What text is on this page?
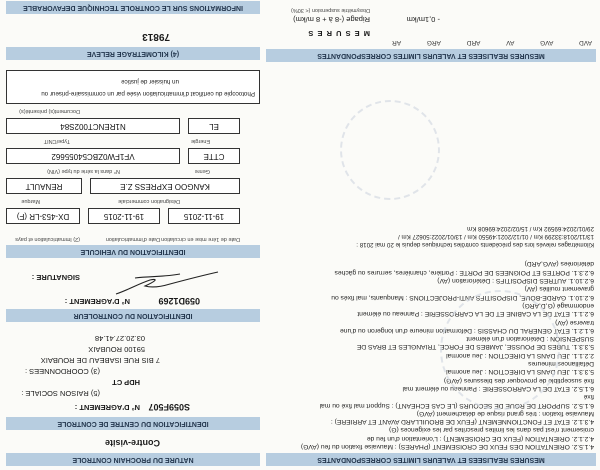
NATURE DU PROCHAIN CONTROLE
Contre-visite
IDENTIFICATION DU CENTRE DE CONTROLE
N° D'AGREMENT : S059F507
(5) RAISON SOCIALE :
HDP CT
(3) COORDONNEES :
7 BIS RUE ISABEAU DE ROUBAIX
59100 ROUBAIX
03.20.27.41.48
IDENTIFICATION DU CONTROLEUR
N° D'AGREMENT :	059D1269
SIGNATURE :
IDENTIFICATION DU VEHICULE
(2) Immatriculation et pays	Date d'immatriculation Date de 1ère mise en circulation
DX-453-LR (F)	19-11-2015	19-11-2015
Marque	Désignation commerciale
RENAULT	KANGOO EXPRESS Z.E
N° dans la série du type (VIN)	Genre
VF1FW0ZBC54055662	CTTE
Type/CNIT	Energie
N1RENCT002S84	EL
Document(s) présenté(s)
Photocopie du certificat d'immatriculation visée par un commissaire-priseur ou
un huissier de justice
(4) KILOMETRAGE RELEVE
79813
MESURES REALISEES ET VALEURS LIMITES CORRESPONDANTES
4.1.5.2. ORIENTATION DES FEUX DE CROISEMENT (PHARES) : Mauvaise fixation du feu (AVG)
4.2.1.2. ORIENTATION (FEUX DE CROISEMENT) : L'orientation d'un feu de
croisement n'est pas dans les limites prescrites par les exigences (G)
4.3.1.2. ETAT ET FONCTIONNEMENT (FEUX DE BROUILLARD AVANT ET ARRIERE) :
Mauvaise fixation : très grand risque de détachement (AVG)
6.1.5.2. SUPPORT DE ROUE DE SECOURS (LE CAS ECHEANT) : Support mal fixé ou mal
fixé
6.1.5.2. ETAT DE LA CARROSSERIE : Panneau ou élément mal
fixé susceptible de provoquer des blessures (AVG)
5.3.3.1. JEU DANS LA DIRECTION : Jeu anormal
Défaillances mineures
2.2.1.1. JEU DANS LA DIRECTION : Jeu anormal
5.3.3.1. TUBES DE POUSSE, JAMBES DE FORCE, TRIANGLES ET BRAS DE
SUSPENSION : Détérioration d'un élément
6.1.2.1. ETAT GENERAL DU CHASSIS : Déformation mineure d'un longeron ou d'une
traverse (AV)
6.2.1.1. ETAT DE LA CABINE ET DE LA CARROSSERIE : Panneau ou élément
endommagé (G,D,ARG)
6.2.10.1. GARDE-BOUE, DISPOSITIFS ANTI-PROJECTIONS : Manquants, mal fixés ou
gravement rouillés (AV)
6.2.10.1. AUTRES DISPOSITIFS : Détérioration (AV)
6.2.3.1. PORTES ET POIGNEES DE PORTE : Portière, charnières, serrures ou gâches
détériorées (AVG,ARD)
Kilométrages relevés lors des précédents contrôles techniques depuis le 20 mai 2018 :
13/11/2018:33299 Km / 01/12/2021:49550 Km / 13/01/2022:50627 Km /
29/01/2024:69592 Km / 15/02/2024:69608 Km
MESURES REALISEES ET VALEURS LIMITES CORRESPONDANTES
M E S U R E S
AVD
AVG
AV
ARD
ARG
AR
Ripage (-8 à + 8 m/km)	- 0,1m/km
Dissymétrie suspension (< 30%)
INFORMATIONS SUR LE CONTROLE TECHNIQUE DEFAVORABLE
